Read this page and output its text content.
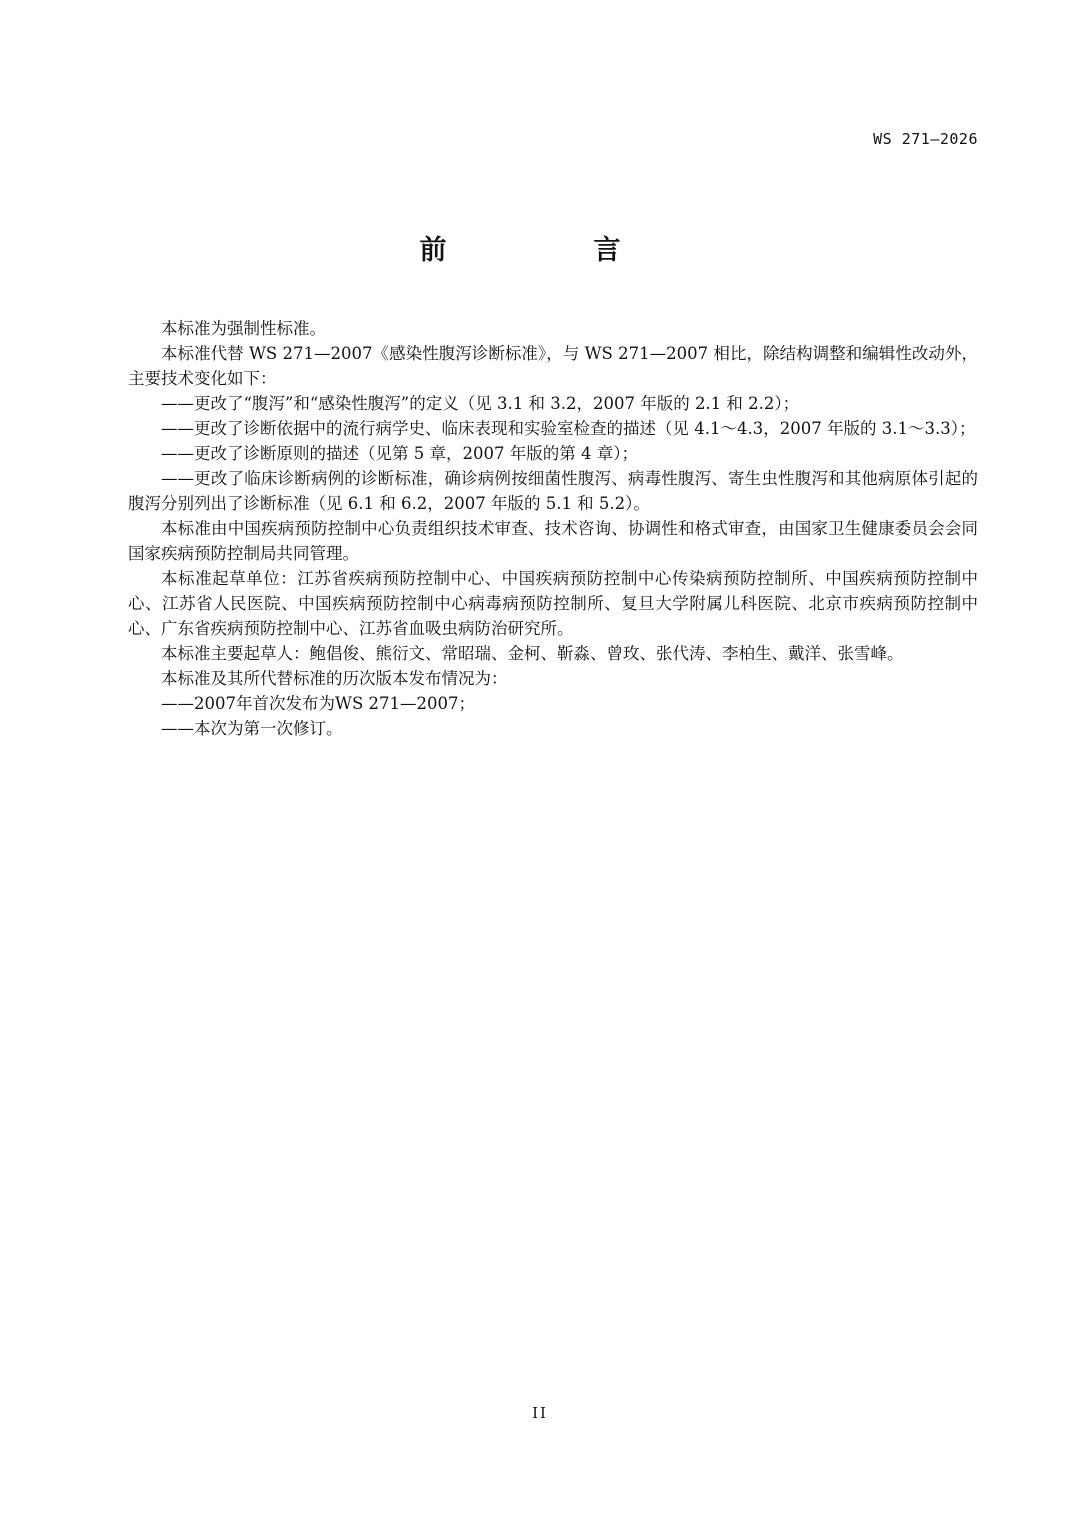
WS 271—2026
前　言

本标准为强制性标准。

本标准代替 WS 271—2007《感染性腹泻诊断标准》，与 WS 271—2007 相比，除结构调整和编辑性改动外，主要技术变化如下：

——更改了“腹泻”和“感染性腹泻”的定义（见 3.1 和 3.2，2007 年版的 2.1 和 2.2）；

——更改了诊断依据中的流行病学史、临床表现和实验室检查的描述（见 4.1～4.3，2007 年版的 3.1～3.3）；

——更改了诊断原则的描述（见第 5 章，2007 年版的第 4 章）；

——更改了临床诊断病例的诊断标准，确诊病例按细菌性腹泻、病毒性腹泻、寄生虫性腹泻和其他病原体引起的腹泻分别列出了诊断标准（见 6.1 和 6.2，2007 年版的 5.1 和 5.2）。

本标准由中国疾病预防控制中心负责组织技术审查、技术咨询、协调性和格式审查，由国家卫生健康委员会会同国家疾病预防控制局共同管理。

本标准起草单位：江苏省疾病预防控制中心、中国疾病预防控制中心传染病预防控制所、中国疾病预防控制中心、江苏省人民医院、中国疾病预防控制中心病毒病预防控制所、复旦大学附属儿科医院、北京市疾病预防控制中心、广东省疾病预防控制中心、江苏省血吸虫病防治研究所。

本标准主要起草人：鲍倡俊、熊衍文、常昭瑞、金柯、靳淼、曾玫、张代涛、李柏生、戴洋、张雪峰。

本标准及其所代替标准的历次版本发布情况为：

——2007年首次发布为WS 271—2007；

——本次为第一次修订。

II
